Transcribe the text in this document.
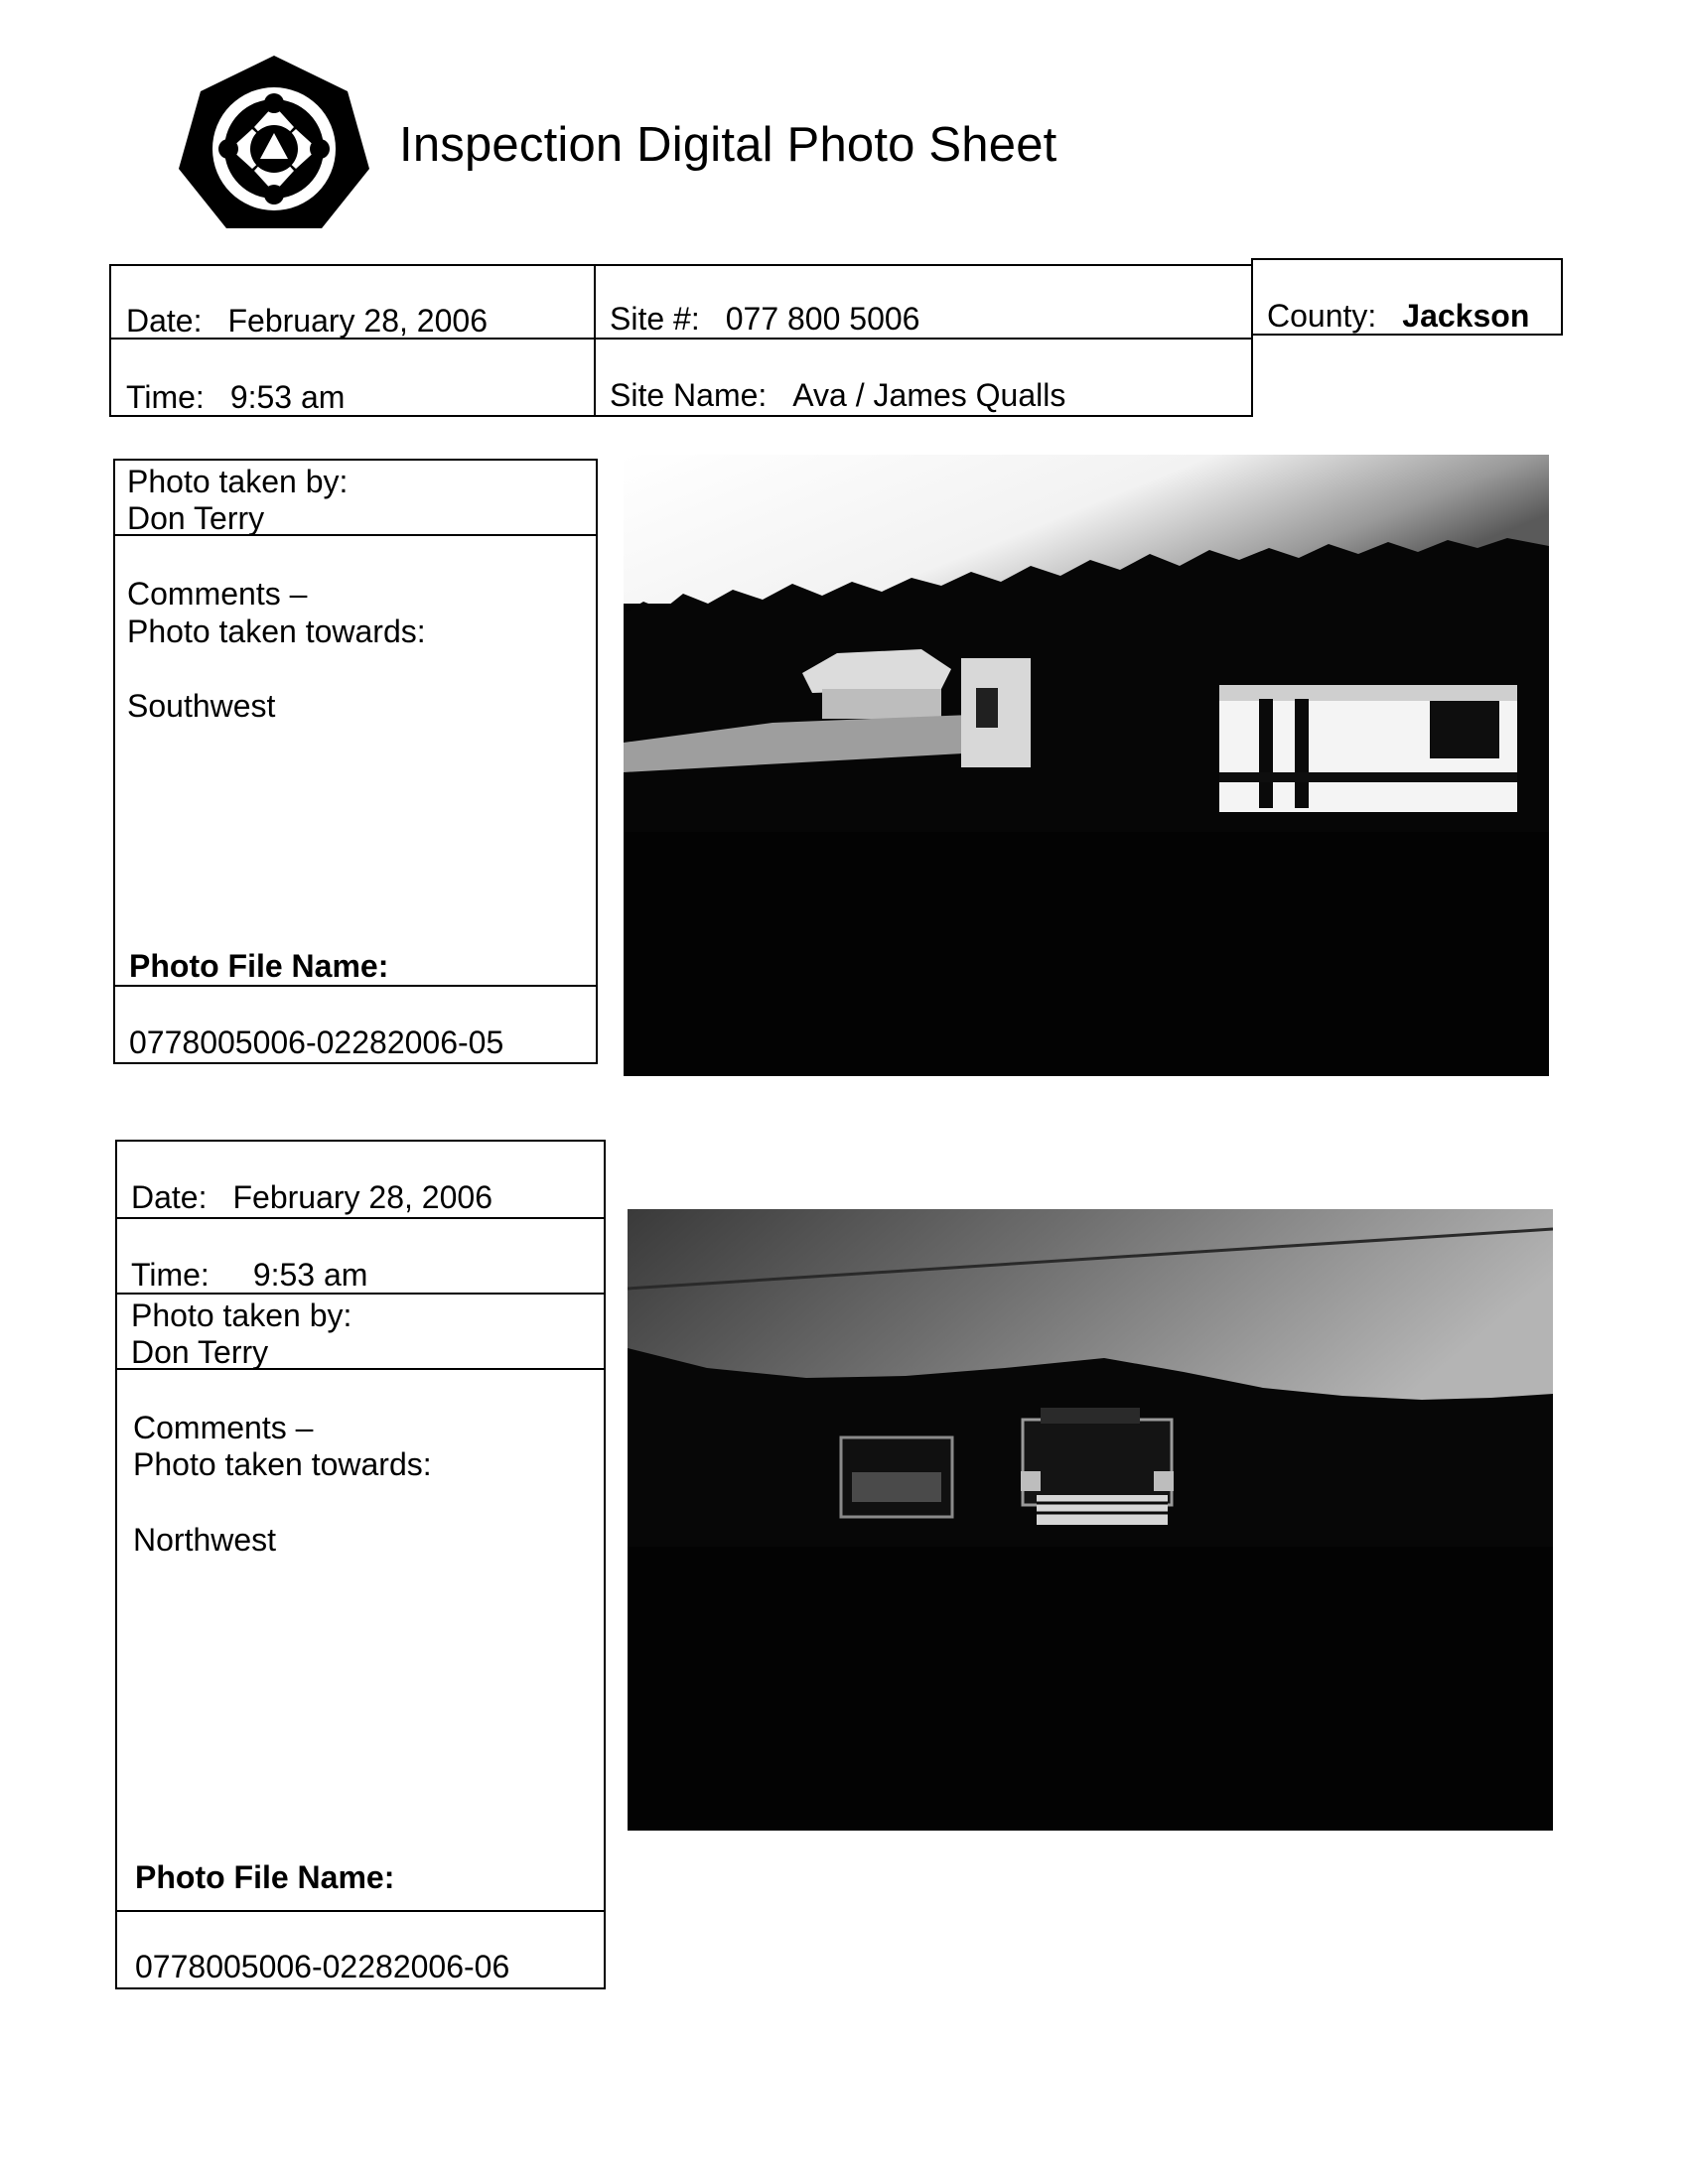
Inspection Digital Photo Sheet
Date: February 28, 2006
Time: 9:53 am
Site #: 077 800 5006
Site Name: Ava / James Qualls
County: Jackson
Photo taken by:
Don Terry
Comments –
Photo taken towards:
Southwest
Photo File Name:
0778005006-02282006-05
Date: February 28, 2006
Time: 9:53 am
Photo taken by:
Don Terry
Comments –
Photo taken towards:
Northwest
Photo File Name:
0778005006-02282006-06
